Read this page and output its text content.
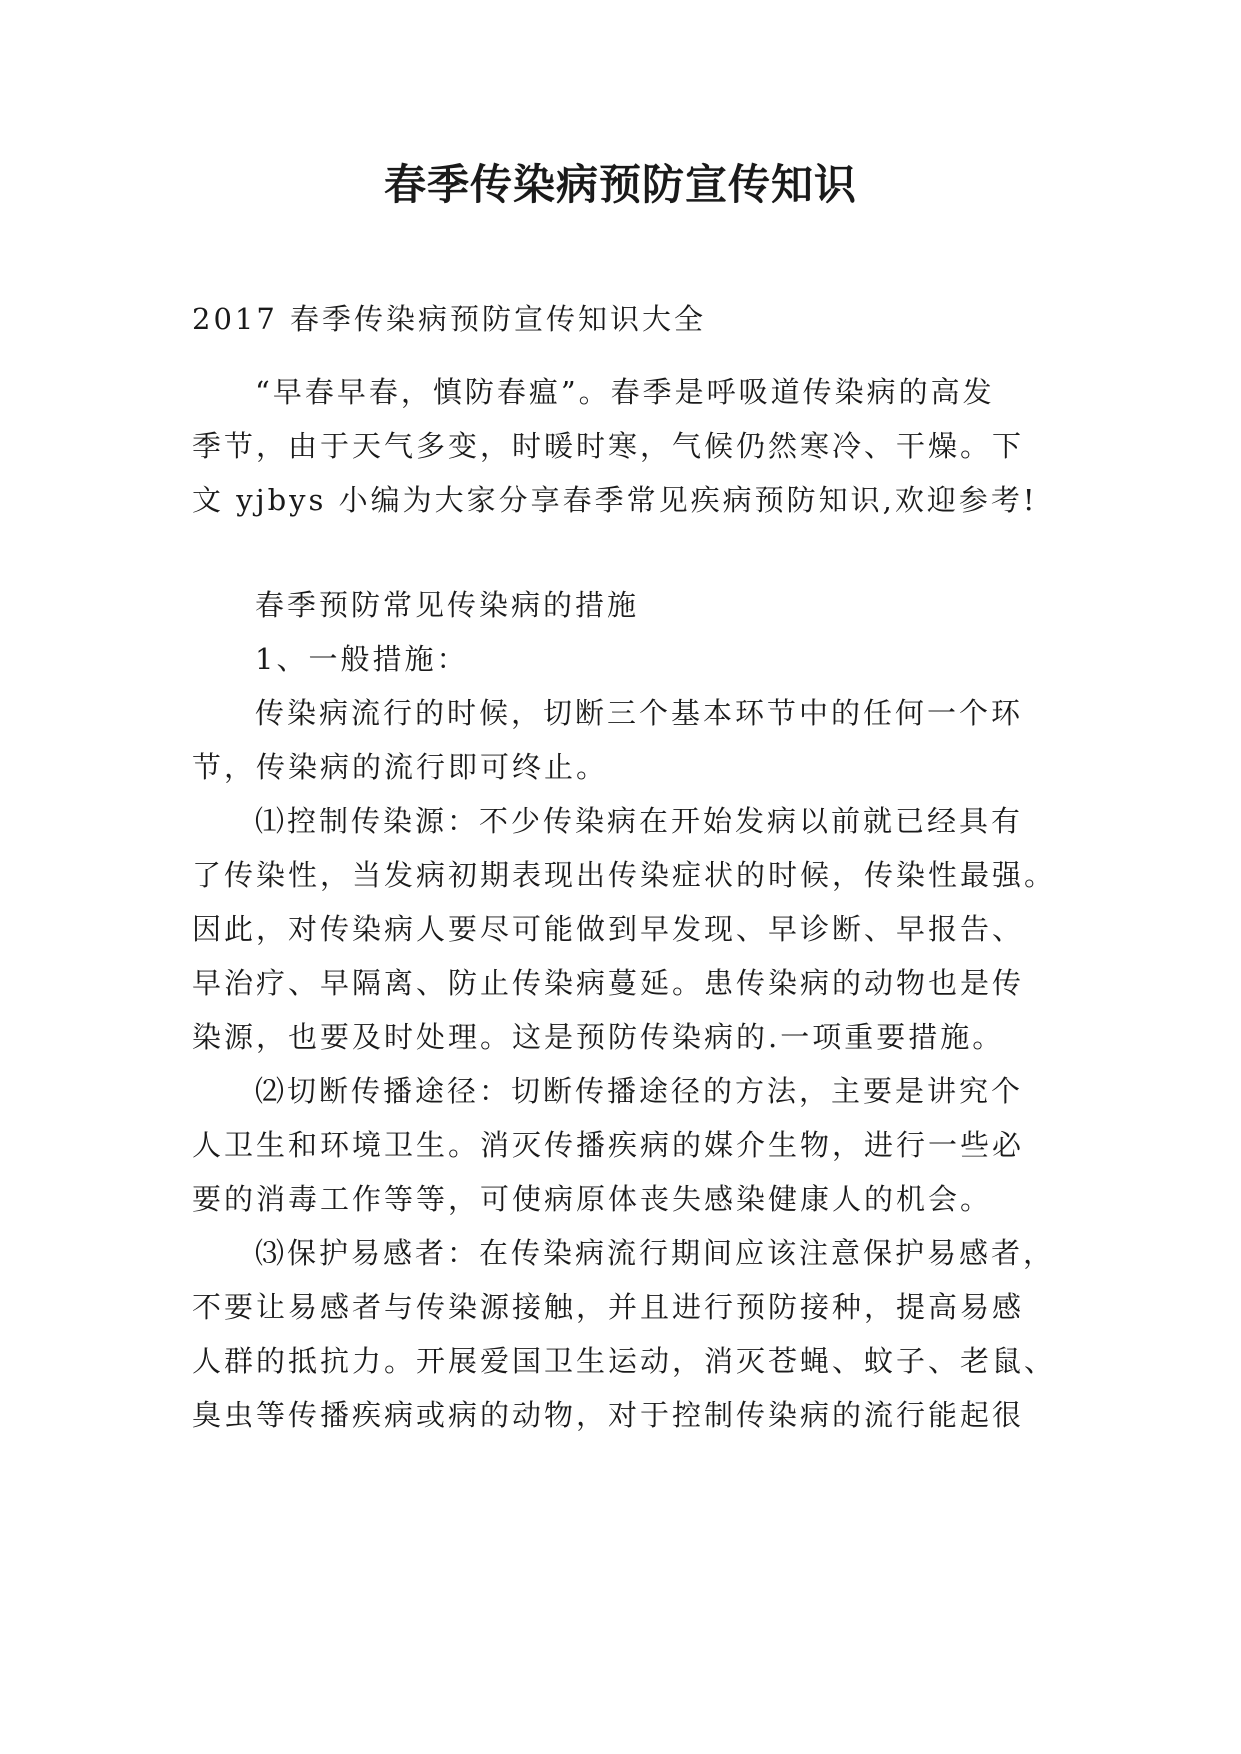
春季传染病预防宣传知识
2017 春季传染病预防宣传知识大全
“早春早春，慎防春瘟”。春季是呼吸道传染病的高发
季节，由于天气多变，时暖时寒，气候仍然寒冷、干燥。下
文 yjbys 小编为大家分享春季常见疾病预防知识,欢迎参考!
春季预防常见传染病的措施
1、一般措施：
传染病流行的时候，切断三个基本环节中的任何一个环
节，传染病的流行即可终止。
⑴控制传染源：不少传染病在开始发病以前就已经具有
了传染性，当发病初期表现出传染症状的时候，传染性最强。
因此，对传染病人要尽可能做到早发现、早诊断、早报告、
早治疗、早隔离、防止传染病蔓延。患传染病的动物也是传
染源，也要及时处理。这是预防传染病的.一项重要措施。
⑵切断传播途径：切断传播途径的方法，主要是讲究个
人卫生和环境卫生。消灭传播疾病的媒介生物，进行一些必
要的消毒工作等等，可使病原体丧失感染健康人的机会。
⑶保护易感者：在传染病流行期间应该注意保护易感者，
不要让易感者与传染源接触，并且进行预防接种，提高易感
人群的抵抗力。开展爱国卫生运动，消灭苍蝇、蚊子、老鼠、
臭虫等传播疾病或病的动物，对于控制传染病的流行能起很
